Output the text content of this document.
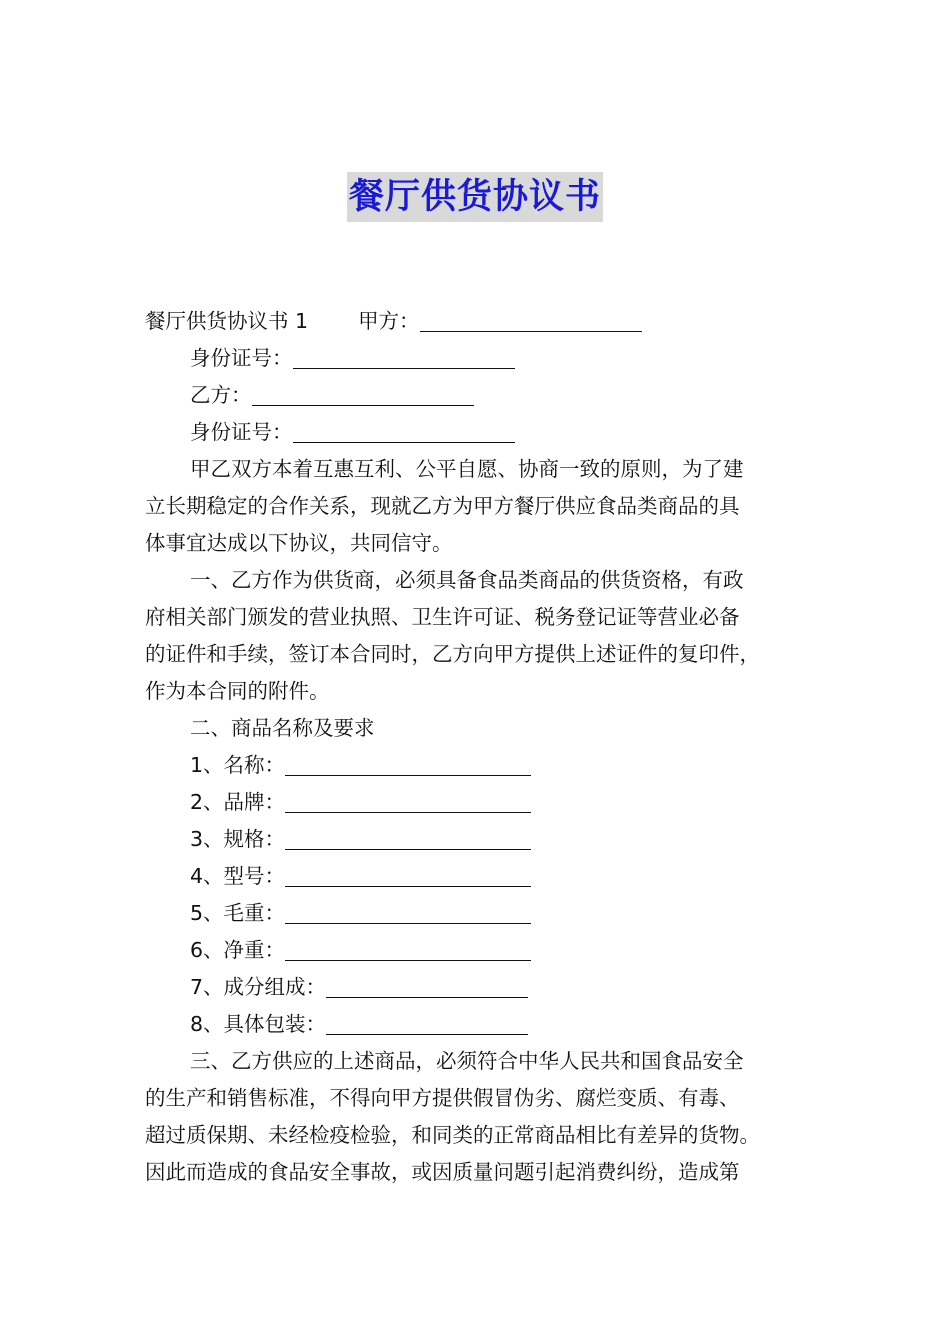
餐厅供货协议书
餐厅供货协议书 1 甲方：
身份证号：
乙方：
身份证号：
甲乙双方本着互惠互利、公平自愿、协商一致的原则，为了建
立长期稳定的合作关系，现就乙方为甲方餐厅供应食品类商品的具
体事宜达成以下协议，共同信守。
一、乙方作为供货商，必须具备食品类商品的供货资格，有政
府相关部门颁发的营业执照、卫生许可证、税务登记证等营业必备
的证件和手续，签订本合同时，乙方向甲方提供上述证件的复印件，
作为本合同的附件。
二、商品名称及要求
1、名称：
2、品牌：
3、规格：
4、型号：
5、毛重：
6、净重：
7、成分组成：
8、具体包装：
三、乙方供应的上述商品，必须符合中华人民共和国食品安全
的生产和销售标准，不得向甲方提供假冒伪劣、腐烂变质、有毒、
超过质保期、未经检疫检验，和同类的正常商品相比有差异的货物。
因此而造成的食品安全事故，或因质量问题引起消费纠纷，造成第
